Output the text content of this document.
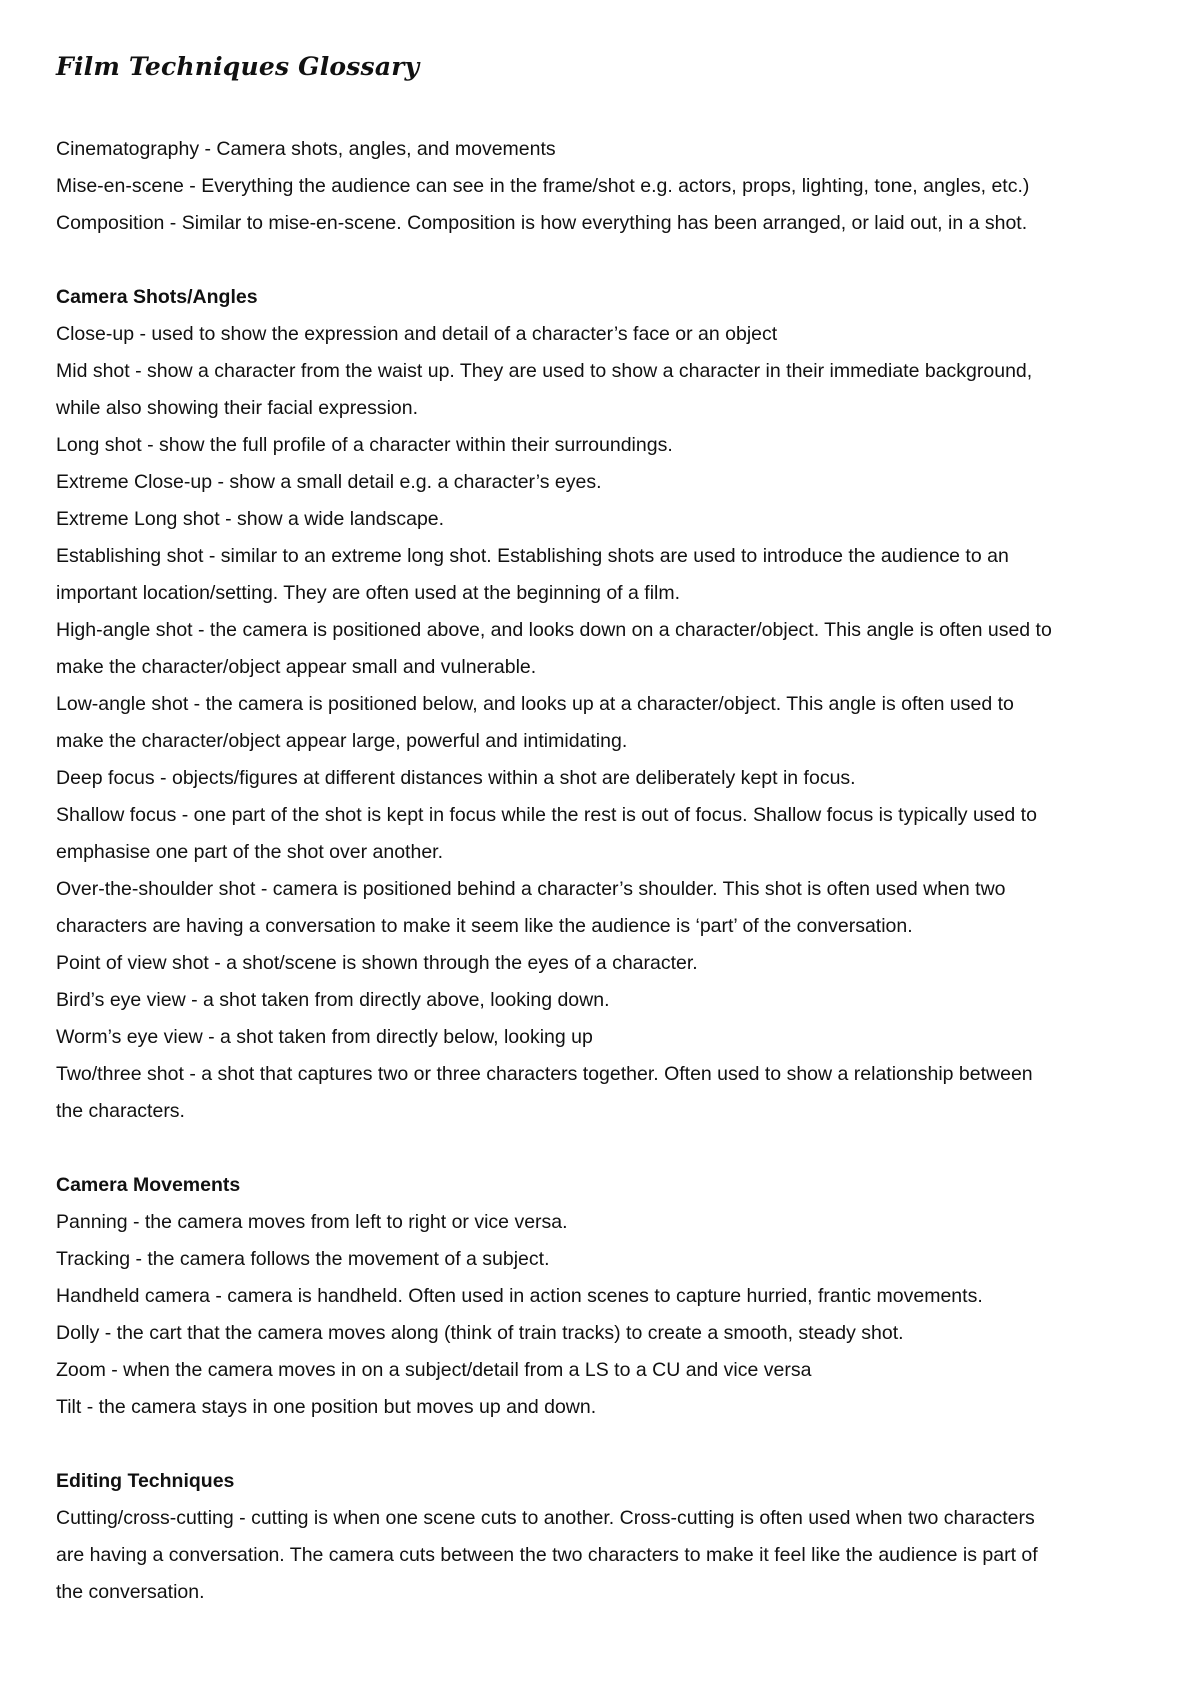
Film Techniques Glossary

Cinematography - Camera shots, angles, and movements

Mise-en-scene - Everything the audience can see in the frame/shot e.g. actors, props, lighting, tone, angles, etc.)

Composition - Similar to mise-en-scene. Composition is how everything has been arranged, or laid out, in a shot.

Camera Shots/Angles

Close-up - used to show the expression and detail of a character’s face or an object

Mid shot - show a character from the waist up. They are used to show a character in their immediate background,

while also showing their facial expression.

Long shot - show the full profile of a character within their surroundings.

Extreme Close-up - show a small detail e.g. a character’s eyes.

Extreme Long shot - show a wide landscape.

Establishing shot - similar to an extreme long shot. Establishing shots are used to introduce the audience to an

important location/setting. They are often used at the beginning of a film.

High-angle shot - the camera is positioned above, and looks down on a character/object. This angle is often used to

make the character/object appear small and vulnerable.

Low-angle shot - the camera is positioned below, and looks up at a character/object. This angle is often used to

make the character/object appear large, powerful and intimidating.

Deep focus - objects/figures at different distances within a shot are deliberately kept in focus.

Shallow focus - one part of the shot is kept in focus while the rest is out of focus. Shallow focus is typically used to

emphasise one part of the shot over another.

Over-the-shoulder shot - camera is positioned behind a character’s shoulder. This shot is often used when two

characters are having a conversation to make it seem like the audience is ‘part’ of the conversation.

Point of view shot - a shot/scene is shown through the eyes of a character.

Bird’s eye view - a shot taken from directly above, looking down.

Worm’s eye view - a shot taken from directly below, looking up

Two/three shot - a shot that captures two or three characters together. Often used to show a relationship between

the characters.

Camera Movements

Panning - the camera moves from left to right or vice versa.

Tracking - the camera follows the movement of a subject.

Handheld camera - camera is handheld. Often used in action scenes to capture hurried, frantic movements.

Dolly - the cart that the camera moves along (think of train tracks) to create a smooth, steady shot.

Zoom - when the camera moves in on a subject/detail from a LS to a CU and vice versa

Tilt - the camera stays in one position but moves up and down.

Editing Techniques

Cutting/cross-cutting - cutting is when one scene cuts to another. Cross-cutting is often used when two characters

are having a conversation. The camera cuts between the two characters to make it feel like the audience is part of

the conversation.
